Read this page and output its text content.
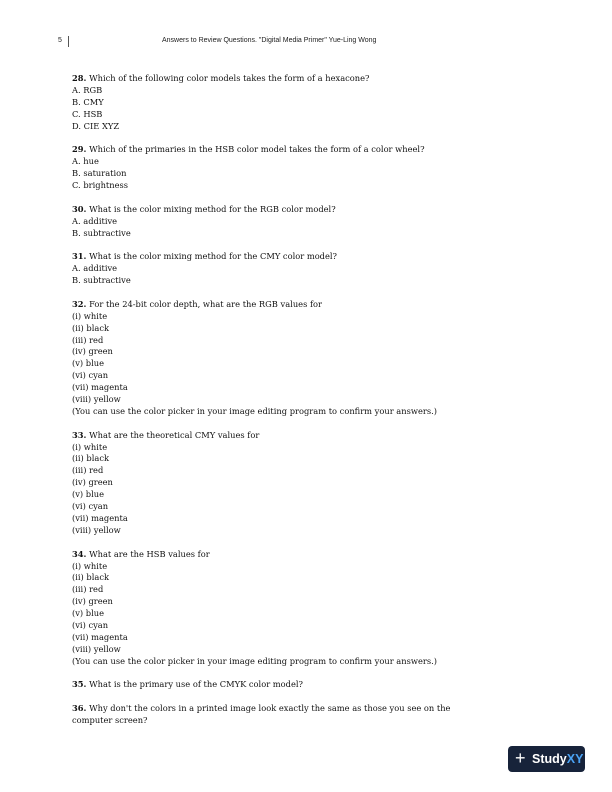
5	Answers to Review Questions. "Digital Media Primer" Yue-Ling Wong
28. Which of the following color models takes the form of a hexacone?
A. RGB
B. CMY
C. HSB
D. CIE XYZ
29. Which of the primaries in the HSB color model takes the form of a color wheel?
A. hue
B. saturation
C. brightness
30. What is the color mixing method for the RGB color model?
A. additive
B. subtractive
31. What is the color mixing method for the CMY color model?
A. additive
B. subtractive
32. For the 24-bit color depth, what are the RGB values for
(i) white
(ii) black
(iii) red
(iv) green
(v) blue
(vi) cyan
(vii) magenta
(viii) yellow
(You can use the color picker in your image editing program to confirm your answers.)
33. What are the theoretical CMY values for
(i) white
(ii) black
(iii) red
(iv) green
(v) blue
(vi) cyan
(vii) magenta
(viii) yellow
34. What are the HSB values for
(i) white
(ii) black
(iii) red
(iv) green
(v) blue
(vi) cyan
(vii) magenta
(viii) yellow
(You can use the color picker in your image editing program to confirm your answers.)
35. What is the primary use of the CMYK color model?
36. Why don't the colors in a printed image look exactly the same as those you see on the computer screen?
+ StudyXY
